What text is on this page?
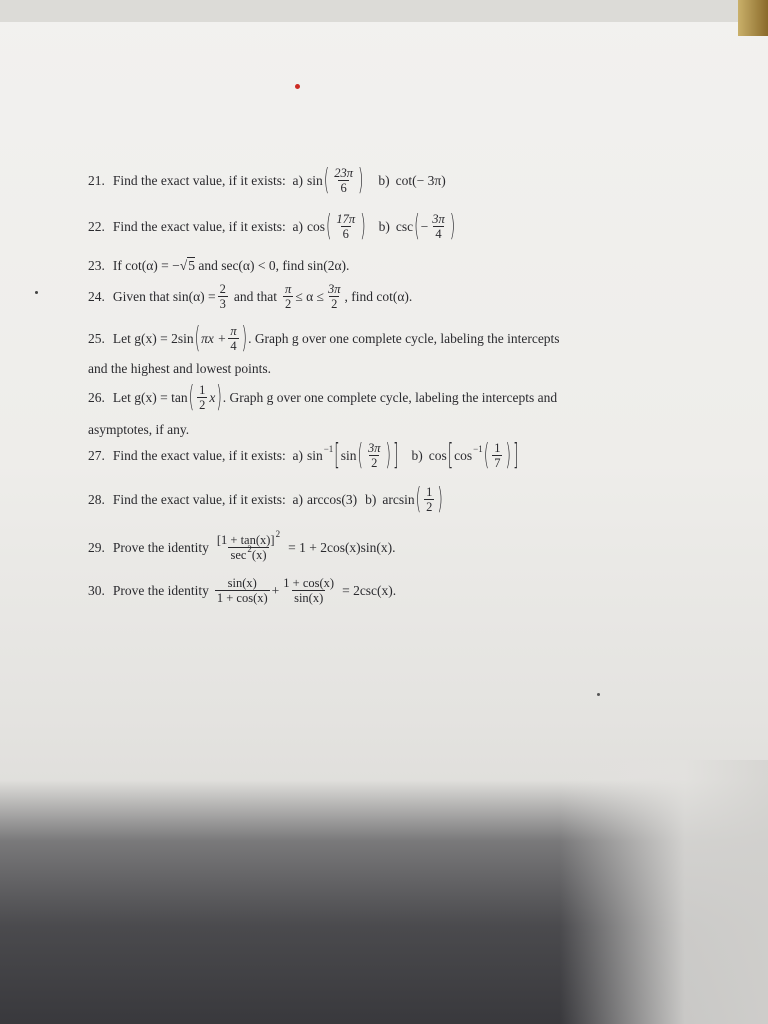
21. Find the exact value, if it exists:  a) sin ( $\frac{23\pi}{6}$ ) b) cot (− 3π)
22. Find the exact value, if it exists:  a) cos ( $\frac{17\pi}{6}$ ) b) csc ( − $\frac{3\pi}{4}$ )
23. If cot(α) = − √ 5 and sec(α) < 0, find sin(2α).
24. Given that $\sin(\alpha) = \frac{2}{3}$ and that $\frac{\pi}{2} \le \alpha \le \frac{3\pi}{2}$ , find cot(α).
25. Let g(x) = 2sin ( $\pi x + \frac{\pi}{4}$ ) . Graph g over one complete cycle, labeling the intercepts
and the highest and lowest points.
26. Let g(x) = tan ( $\frac{1}{2}$ x ) . Graph g over one complete cycle, labeling the intercepts and
asymptotes, if any.
27. Find the exact value, if it exists:  a) sin −1 [ sin ( $\frac{3\pi}{2}$ ) ] b) cos [ cos −1 ( $\frac{1}{7}$ ) ]
28. Find the exact value, if it exists:  a) arccos(3) b) arcsin ( $\frac{1}{2}$ )
29. Prove the identity $\frac{[1 + \tan(x)]^2}{\sec^2(x)} = 1 + 2\cos(x)\sin(x)$.
30. Prove the identity $\frac{\sin(x)}{1 + \cos(x)} + \frac{1 + \cos(x)}{\sin(x)} = 2\csc(x)$.
